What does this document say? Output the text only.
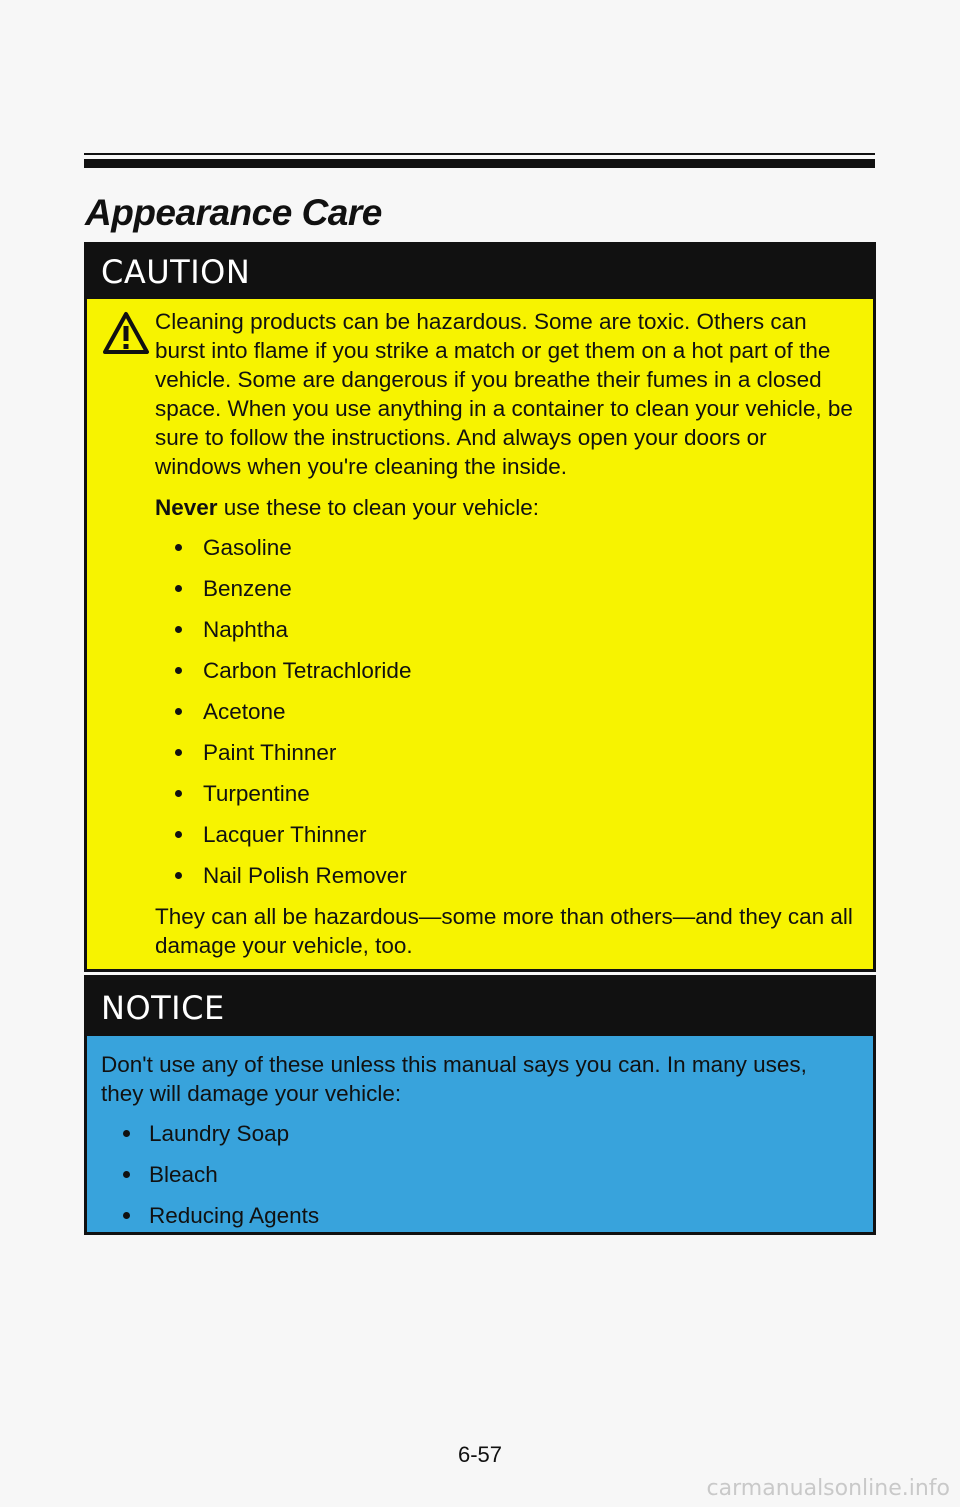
Appearance Care
CAUTION

Cleaning products can be hazardous. Some are toxic. Others can burst into flame if you strike a match or get them on a hot part of the vehicle. Some are dangerous if you breathe their fumes in a closed space. When you use anything in a container to clean your vehicle, be sure to follow the instructions. And always open your doors or windows when you're cleaning the inside.

Never use these to clean your vehicle:

Gasoline
Benzene
Naphtha
Carbon Tetrachloride
Acetone
Paint Thinner
Turpentine
Lacquer Thinner
Nail Polish Remover

They can all be hazardous—some more than others—and they can all damage your vehicle, too.

NOTICE

Don't use any of these unless this manual says you can. In many uses, they will damage your vehicle:

Laundry Soap
Bleach
Reducing Agents
6-57
carmanualsonline.info
